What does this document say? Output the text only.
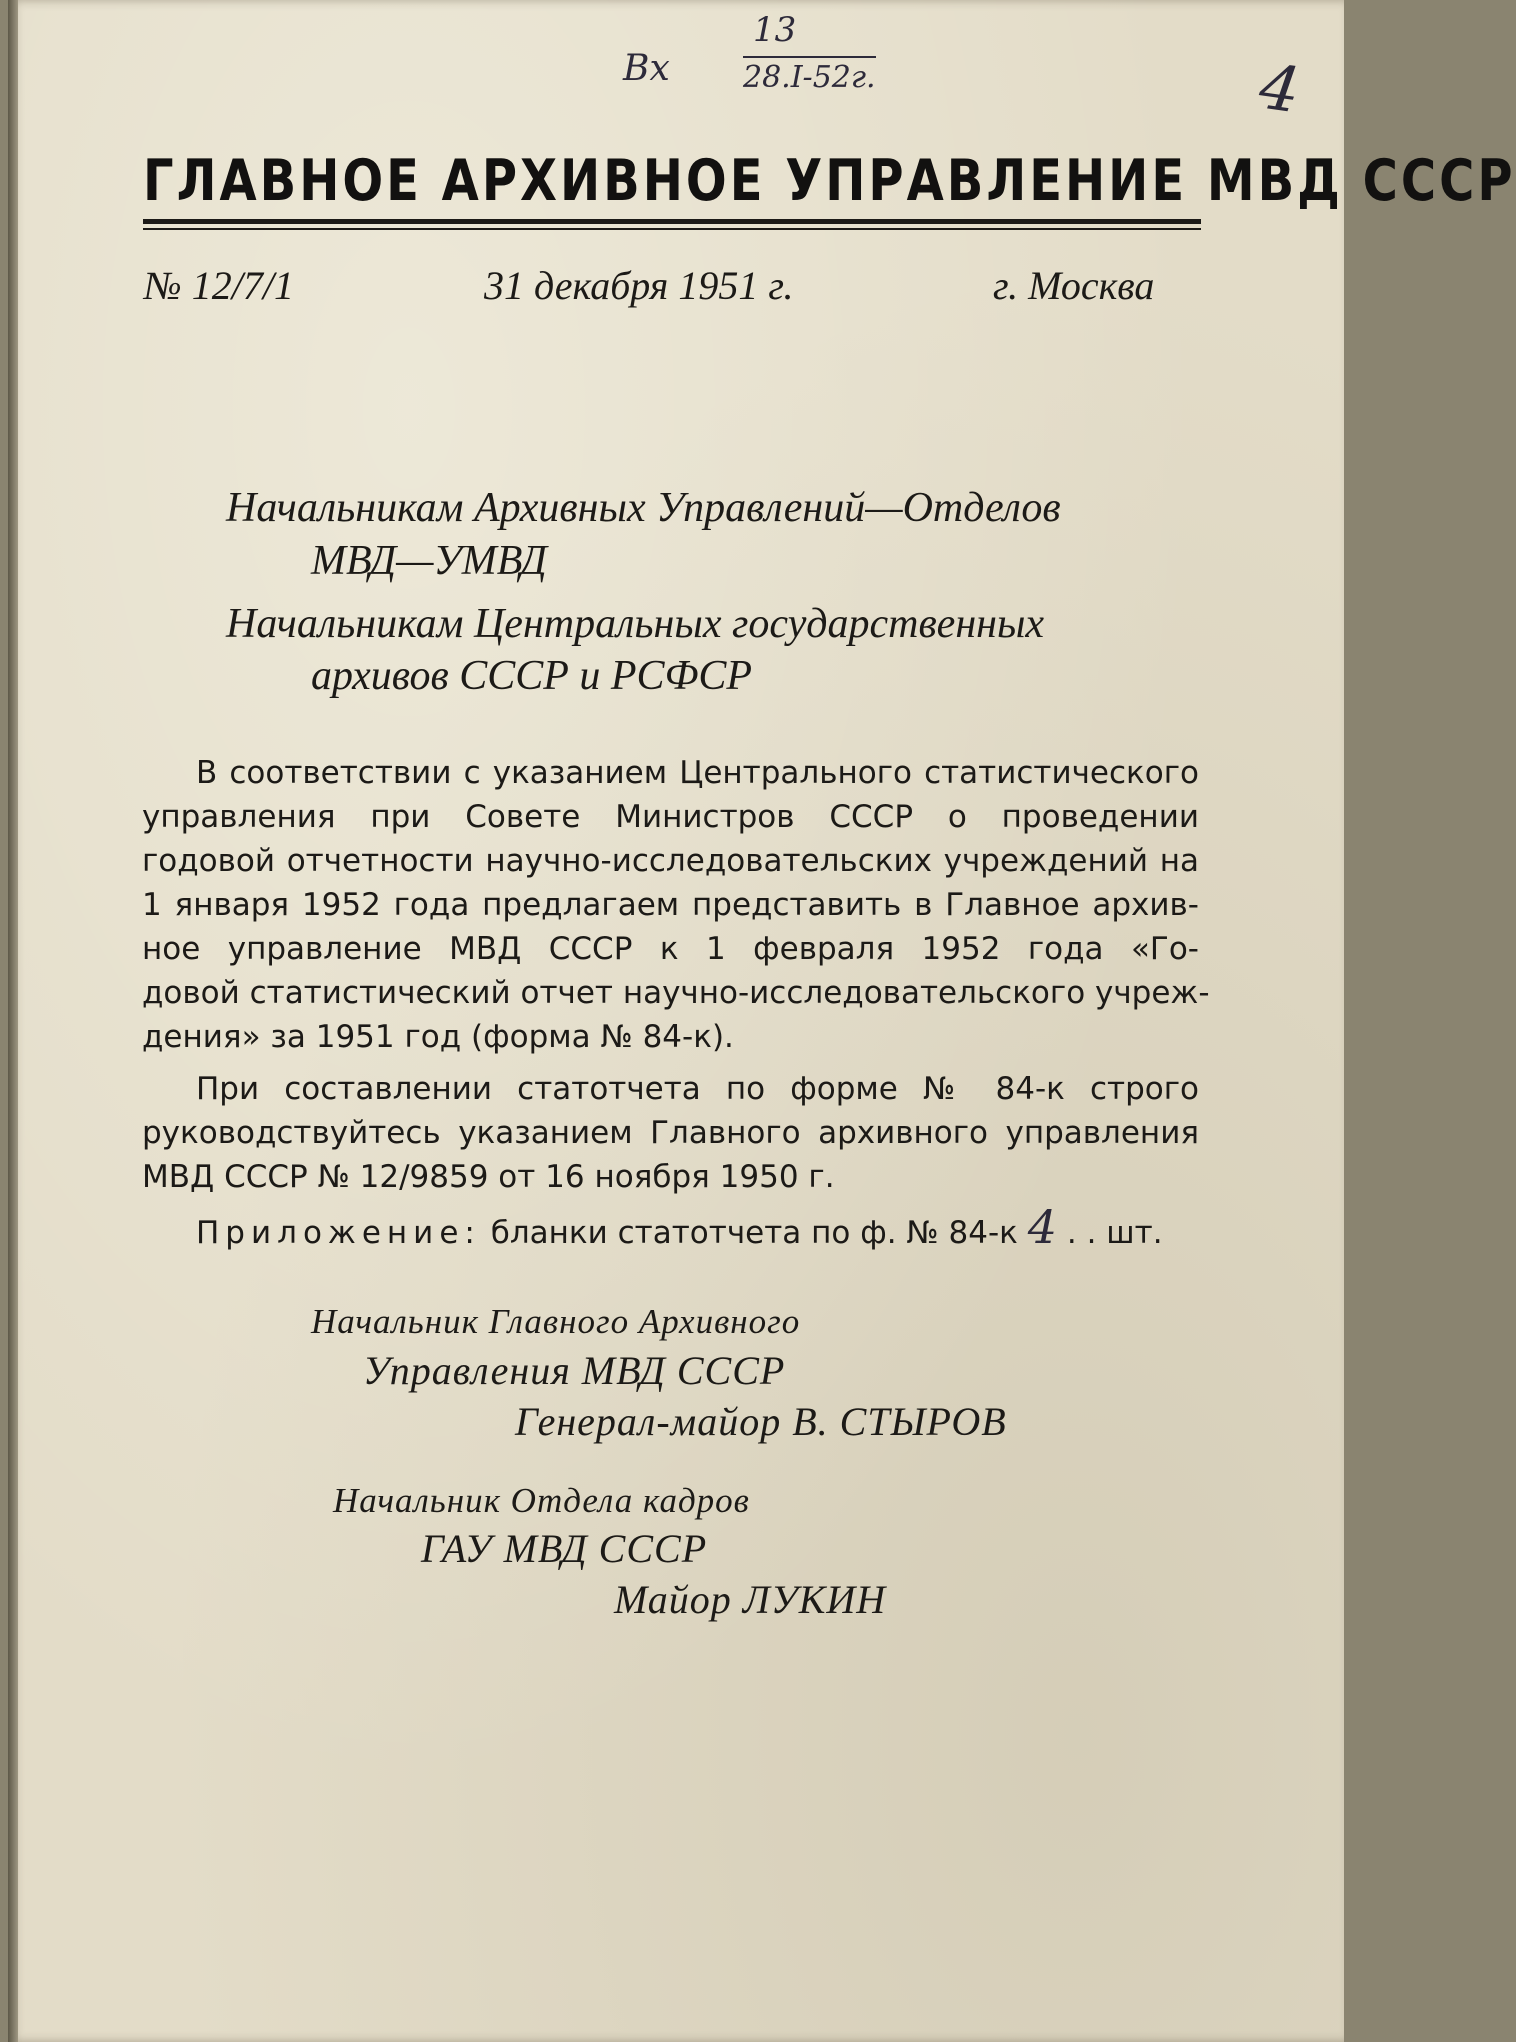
13
Вх 28.I-52г.	4
ГЛАВНОЕ АРХИВНОЕ УПРАВЛЕНИЕ МВД СССР
№ 12/7/1	31 декабря 1951 г.	г. Москва
Начальникам Архивных Управлений—Отделов
МВД—УМВД
Начальникам Центральных государственных
архивов СССР и РСФСР
В соответствии с указанием Центрального статистического
управления при Совете Министров СССР о проведении
годовой отчетности научно-исследовательских учреждений на
1 января 1952 года предлагаем представить в Главное архив-
ное управление МВД СССР к 1 февраля 1952 года «Го-
довой статистический отчет научно-исследовательского учреж-
дения» за 1951 год (форма № 84-к).
При составлении статотчета по форме № 84-к строго
руководствуйтесь указанием Главного архивного управления
МВД СССР № 12/9859 от 16 ноября 1950 г.
Приложение: бланки статотчета по ф. № 84-к 4 . . шт.
Начальник Главного Архивного
Управления МВД СССР
Генерал-майор В. СТЫРОВ
Начальник Отдела кадров
ГАУ МВД СССР
Майор ЛУКИН
